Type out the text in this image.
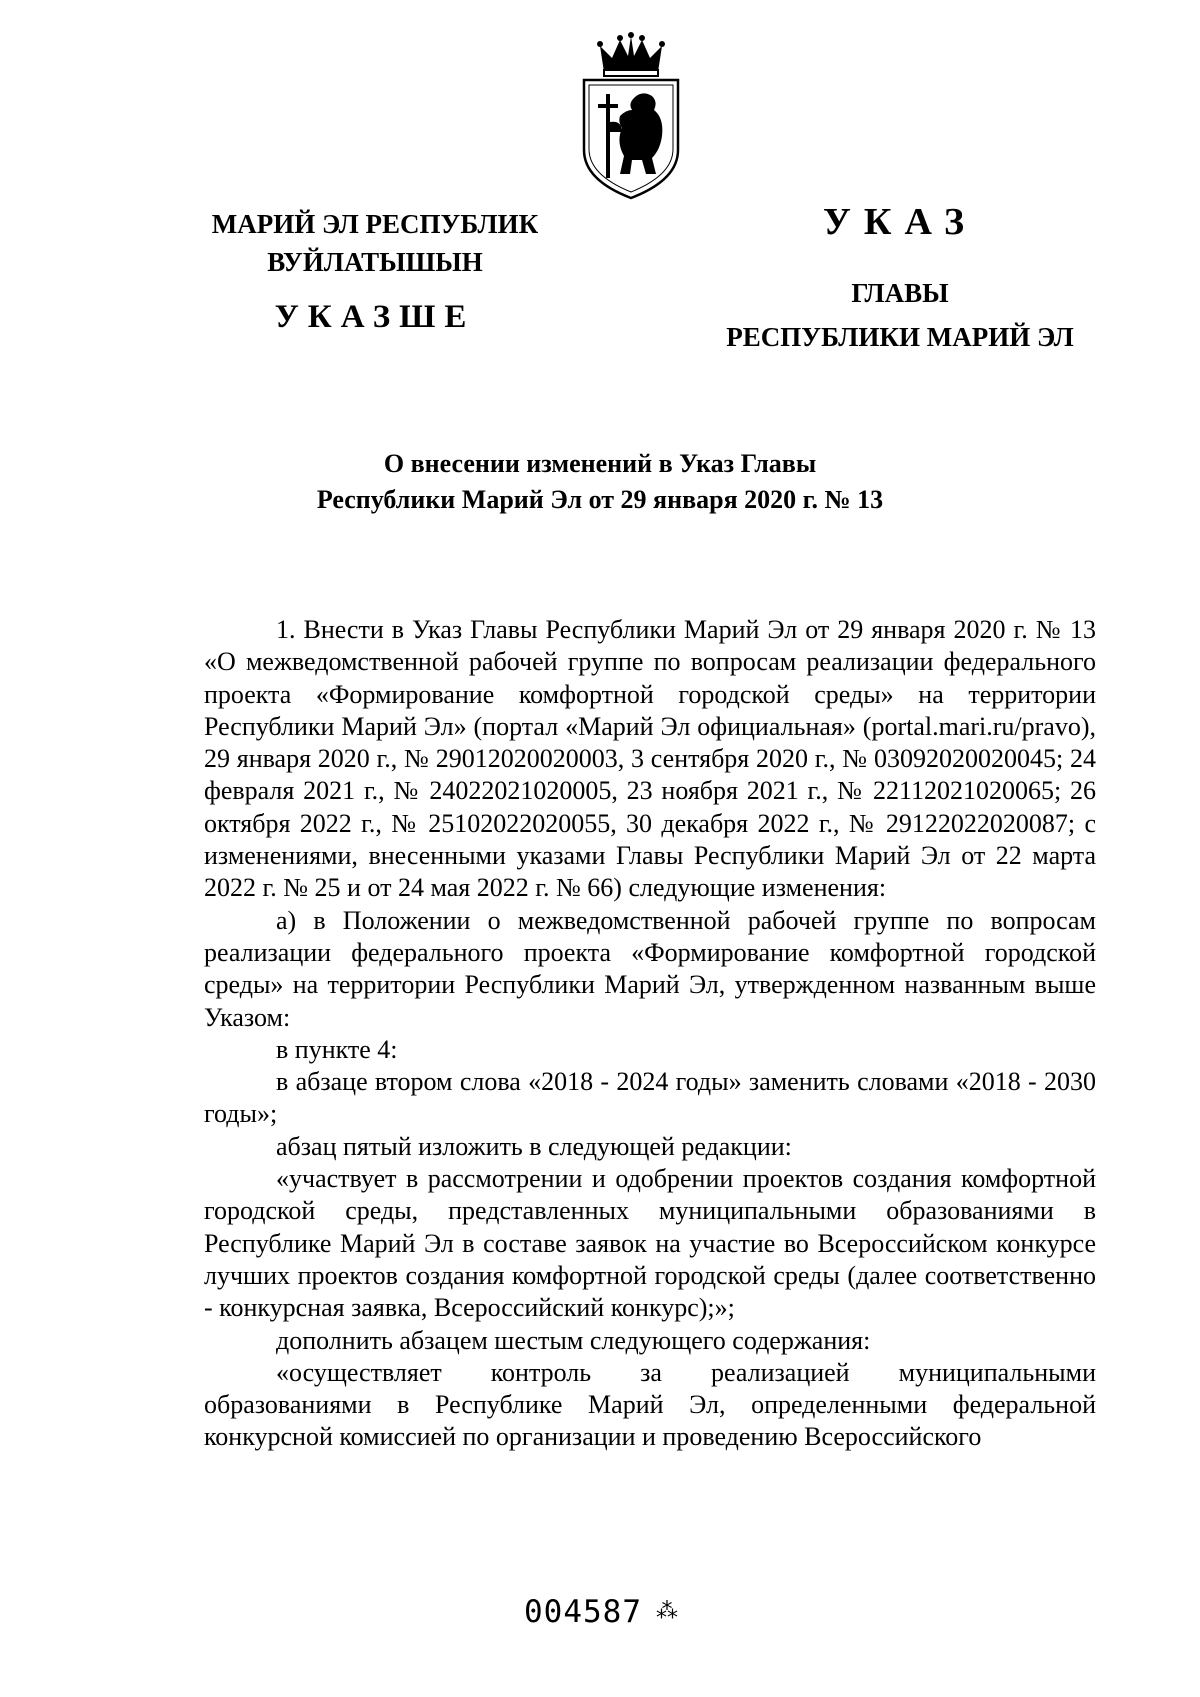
МАРИЙ ЭЛ РЕСПУБЛИК
ВУЙЛАТЫШЫН
УКАЗШЕ
УКАЗ
ГЛАВЫ
РЕСПУБЛИКИ МАРИЙ ЭЛ
О внесении изменений в Указ Главы
Республики Марий Эл от 29 января 2020 г. № 13

1. Внести в Указ Главы Республики Марий Эл от 29 января 2020 г. № 13 «О межведомственной рабочей группе по вопросам реализации федерального проекта «Формирование комфортной городской среды» на территории Республики Марий Эл» (портал «Марий Эл официальная» (portal.mari.ru/pravo), 29 января 2020 г., № 29012020020003, 3 сентября 2020 г., № 03092020020045; 24 февраля 2021 г., № 24022021020005, 23 ноября 2021 г., № 22112021020065; 26 октября 2022 г., № 25102022020055, 30 декабря 2022 г., № 29122022020087; с изменениями, внесенными указами Главы Республики Марий Эл от 22 марта 2022 г. № 25 и от 24 мая 2022 г. № 66) следующие изменения:

а) в Положении о межведомственной рабочей группе по вопросам реализации федерального проекта «Формирование комфортной городской среды» на территории Республики Марий Эл, утвержденном названным выше Указом:

в пункте 4:

в абзаце втором слова «2018 - 2024 годы» заменить словами «2018 - 2030 годы»;

абзац пятый изложить в следующей редакции:

«участвует в рассмотрении и одобрении проектов создания комфортной городской среды, представленных муниципальными образованиями в Республике Марий Эл в составе заявок на участие во Всероссийском конкурсе лучших проектов создания комфортной городской среды (далее соответственно - конкурсная заявка, Всероссийский конкурс);»;

дополнить абзацем шестым следующего содержания:

«осуществляет контроль за реализацией муниципальными образованиями в Республике Марий Эл, определенными федеральной конкурсной комиссией по организации и проведению Всероссийского

004587 ⁂
